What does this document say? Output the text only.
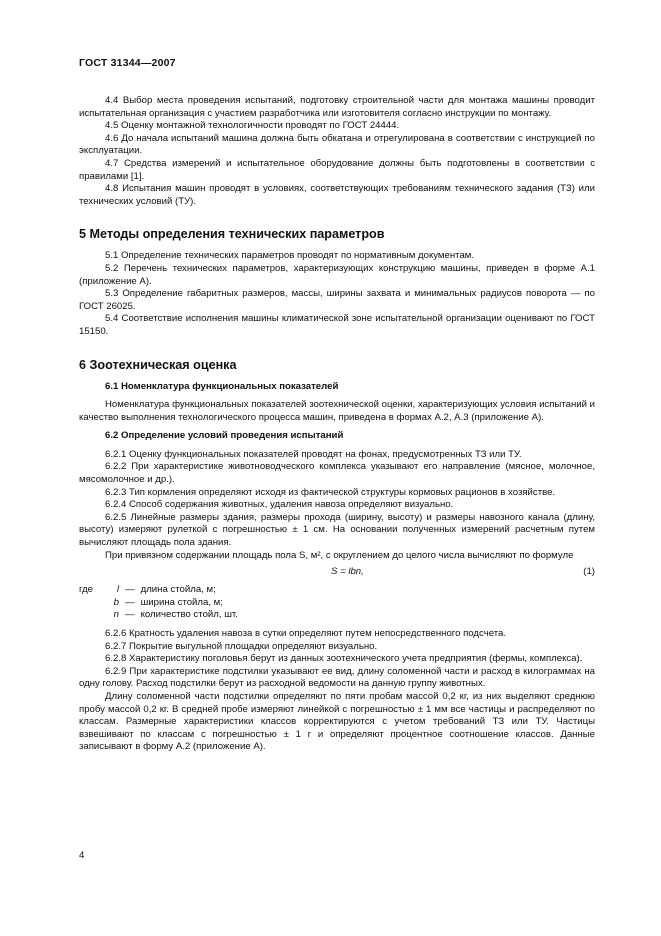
ГОСТ 31344—2007

4.4 Выбор места проведения испытаний, подготовку строительной части для монтажа машины проводит испытательная организация с участием разработчика или изготовителя согласно инструкции по монтажу.

4.5 Оценку монтажной технологичности проводят по ГОСТ 24444.

4.6 До начала испытаний машина должна быть обкатана и отрегулирована в соответствии с инструкцией по эксплуатации.

4.7 Средства измерений и испытательное оборудование должны быть подготовлены в соответствии с правилами [1].

4.8 Испытания машин проводят в условиях, соответствующих требованиям технического задания (ТЗ) или технических условий (ТУ).

5 Методы определения технических параметров

5.1 Определение технических параметров проводят по нормативным документам.

5.2 Перечень технических параметров, характеризующих конструкцию машины, приведен в форме А.1 (приложение А).

5.3 Определение габаритных размеров, массы, ширины захвата и минимальных радиусов поворота — по ГОСТ 26025.

5.4 Соответствие исполнения машины климатической зоне испытательной организации оценивают по ГОСТ 15150.

6 Зоотехническая оценка

6.1 Номенклатура функциональных показателей

Номенклатура функциональных показателей зоотехнической оценки, характеризующих условия испытаний и качество выполнения технологического процесса машин, приведена в формах А.2, А.3 (приложение А).

6.2 Определение условий проведения испытаний

6.2.1 Оценку функциональных показателей проводят на фонах, предусмотренных ТЗ или ТУ.

6.2.2 При характеристике животноводческого комплекса указывают его направление (мясное, молочное, мясомолочное и др.).

6.2.3 Тип кормления определяют исходя из фактической структуры кормовых рационов в хозяйстве.

6.2.4 Способ содержания животных, удаления навоза определяют визуально.

6.2.5 Линейные размеры здания, размеры прохода (ширину, высоту) и размеры навозного канала (длину, высоту) измеряют рулеткой с погрешностью ± 1 см. На основании полученных измерений расчетным путем вычисляют площадь пола здания.

При привязном содержании площадь пола S, м², с округлением до целого числа вычисляют по формуле

S = lbn,	(1)
где	l — длина стойла, м;
b — ширина стойла, м;
n — количество стойл, шт.

6.2.6 Кратность удаления навоза в сутки определяют путем непосредственного подсчета.

6.2.7 Покрытие выгульной площадки определяют визуально.

6.2.8 Характеристику поголовья берут из данных зоотехнического учета предприятия (фермы, комплекса).

6.2.9 При характеристике подстилки указывают ее вид, длину соломенной части и расход в килограммах на одну голову. Расход подстилки берут из расходной ведомости на данную группу животных.

Длину соломенной части подстилки определяют по пяти пробам массой 0,2 кг, из них выделяют среднюю пробу массой 0,2 кг. В средней пробе измеряют линейкой с погрешностью ± 1 мм все частицы и распределяют по классам. Размерные характеристики классов корректируются с учетом требований ТЗ или ТУ. Частицы взвешивают по классам с погрешностью ± 1 г и определяют процентное соотношение классов. Данные записывают в форму А.2 (приложение А).

4
